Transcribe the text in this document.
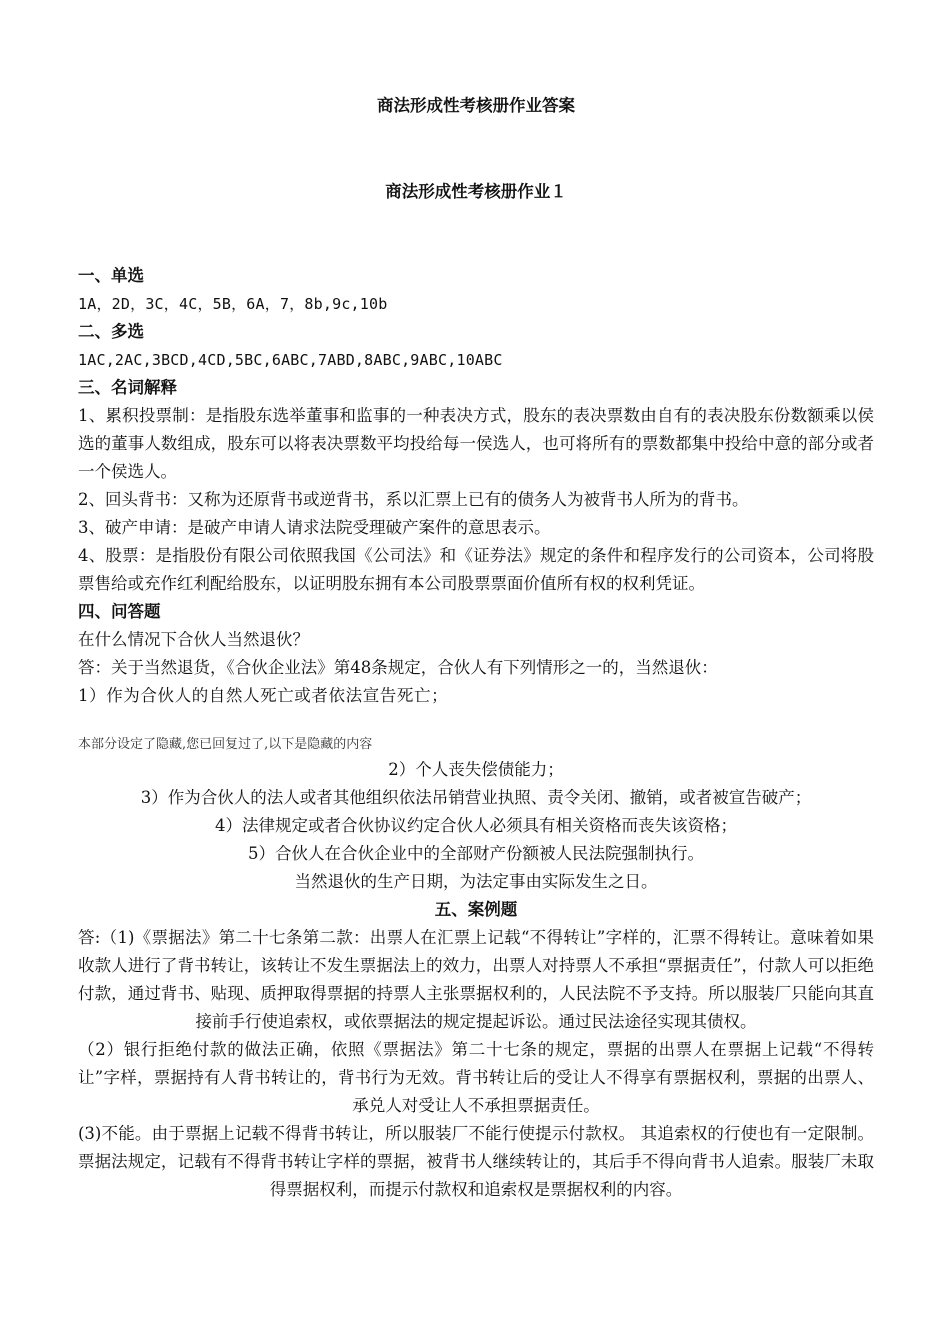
商法形成性考核册作业答案
商法形成性考核册作业１

一、单选

1A，2D，3C，4C，5B，6A，7，8b,9c,10b

二、多选

1AC,2AC,3BCD,4CD,5BC,6ABC,7ABD,8ABC,9ABC,10ABC

三、名词解释

1、累积投票制：是指股东选举董事和监事的一种表决方式，股东的表决票数由自有的表决股东份数额乘以侯选的董事人数组成，股东可以将表决票数平均投给每一侯选人，也可将所有的票数都集中投给中意的部分或者一个侯选人。

2、回头背书：又称为还原背书或逆背书，系以汇票上已有的债务人为被背书人所为的背书。

3、破产申请：是破产申请人请求法院受理破产案件的意思表示。

4、股票：是指股份有限公司依照我国《公司法》和《证券法》规定的条件和程序发行的公司资本，公司将股票售给或充作红利配给股东，以证明股东拥有本公司股票票面价值所有权的权利凭证。

四、问答题

在什么情况下合伙人当然退伙？

答：关于当然退货，《合伙企业法》第48条规定，合伙人有下列情形之一的，当然退伙：

1）作为合伙人的自然人死亡或者依法宣告死亡；

本部分设定了隐藏,您已回复过了,以下是隐藏的内容

2）个人丧失偿债能力；

3）作为合伙人的法人或者其他组织依法吊销营业执照、责令关闭、撤销，或者被宣告破产；

4）法律规定或者合伙协议约定合伙人必须具有相关资格而丧失该资格；

5）合伙人在合伙企业中的全部财产份额被人民法院强制执行。

当然退伙的生产日期，为法定事由实际发生之日。

五、案例题

答:（1)《票据法》第二十七条第二款：出票人在汇票上记载“不得转让”字样的，汇票不得转让。意味着如果收款人进行了背书转让，该转让不发生票据法上的效力，出票人对持票人不承担“票据责任”，付款人可以拒绝付款，通过背书、贴现、质押取得票据的持票人主张票据权利的，人民法院不予支持。所以服装厂只能向其直接前手行使追索权，或依票据法的规定提起诉讼。通过民法途径实现其债权。

（2）银行拒绝付款的做法正确，依照《票据法》第二十七条的规定，票据的出票人在票据上记载“不得转让”字样，票据持有人背书转让的，背书行为无效。背书转让后的受让人不得享有票据权利，票据的出票人、承兑人对受让人不承担票据责任。

(3)不能。由于票据上记载不得背书转让，所以服装厂不能行使提示付款权。 其追索权的行使也有一定限制。票据法规定，记载有不得背书转让字样的票据，被背书人继续转让的，其后手不得向背书人追索。服装厂未取得票据权利，而提示付款权和追索权是票据权利的内容。
